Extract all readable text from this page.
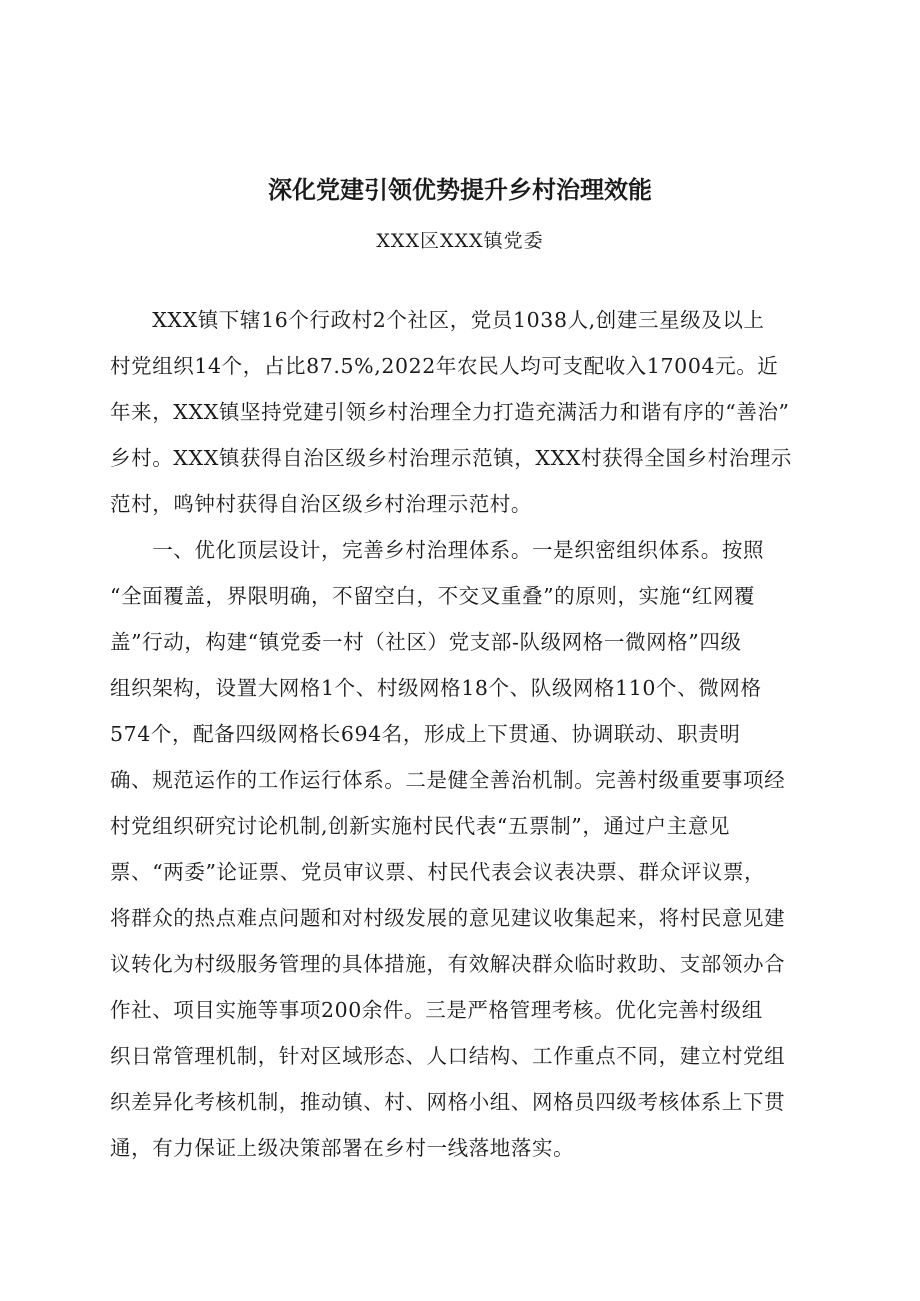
深化党建引领优势提升乡村治理效能
XXX区XXX镇党委
　　XXX镇下辖16个行政村2个社区，党员1038人,创建三星级及以上
村党组织14个，占比87.5%,2022年农民人均可支配收入17004元。近
年来，XXX镇坚持党建引领乡村治理全力打造充满活力和谐有序的“善治”
乡村。XXX镇获得自治区级乡村治理示范镇，XXX村获得全国乡村治理示
范村，鸣钟村获得自治区级乡村治理示范村。
　　一、优化顶层设计，完善乡村治理体系。一是织密组织体系。按照
“全面覆盖，界限明确，不留空白，不交叉重叠”的原则，实施“红网覆
盖”行动，构建“镇党委一村（社区）党支部-队级网格一微网格”四级
组织架构，设置大网格1个、村级网格18个、队级网格110个、微网格
574个，配备四级网格长694名，形成上下贯通、协调联动、职责明
确、规范运作的工作运行体系。二是健全善治机制。完善村级重要事项经
村党组织研究讨论机制,创新实施村民代表“五票制”，通过户主意见
票、“两委”论证票、党员审议票、村民代表会议表决票、群众评议票，
将群众的热点难点问题和对村级发展的意见建议收集起来，将村民意见建
议转化为村级服务管理的具体措施，有效解决群众临时救助、支部领办合
作社、项目实施等事项200余件。三是严格管理考核。优化完善村级组
织日常管理机制，针对区域形态、人口结构、工作重点不同，建立村党组
织差异化考核机制，推动镇、村、网格小组、网格员四级考核体系上下贯
通，有力保证上级决策部署在乡村一线落地落实。
